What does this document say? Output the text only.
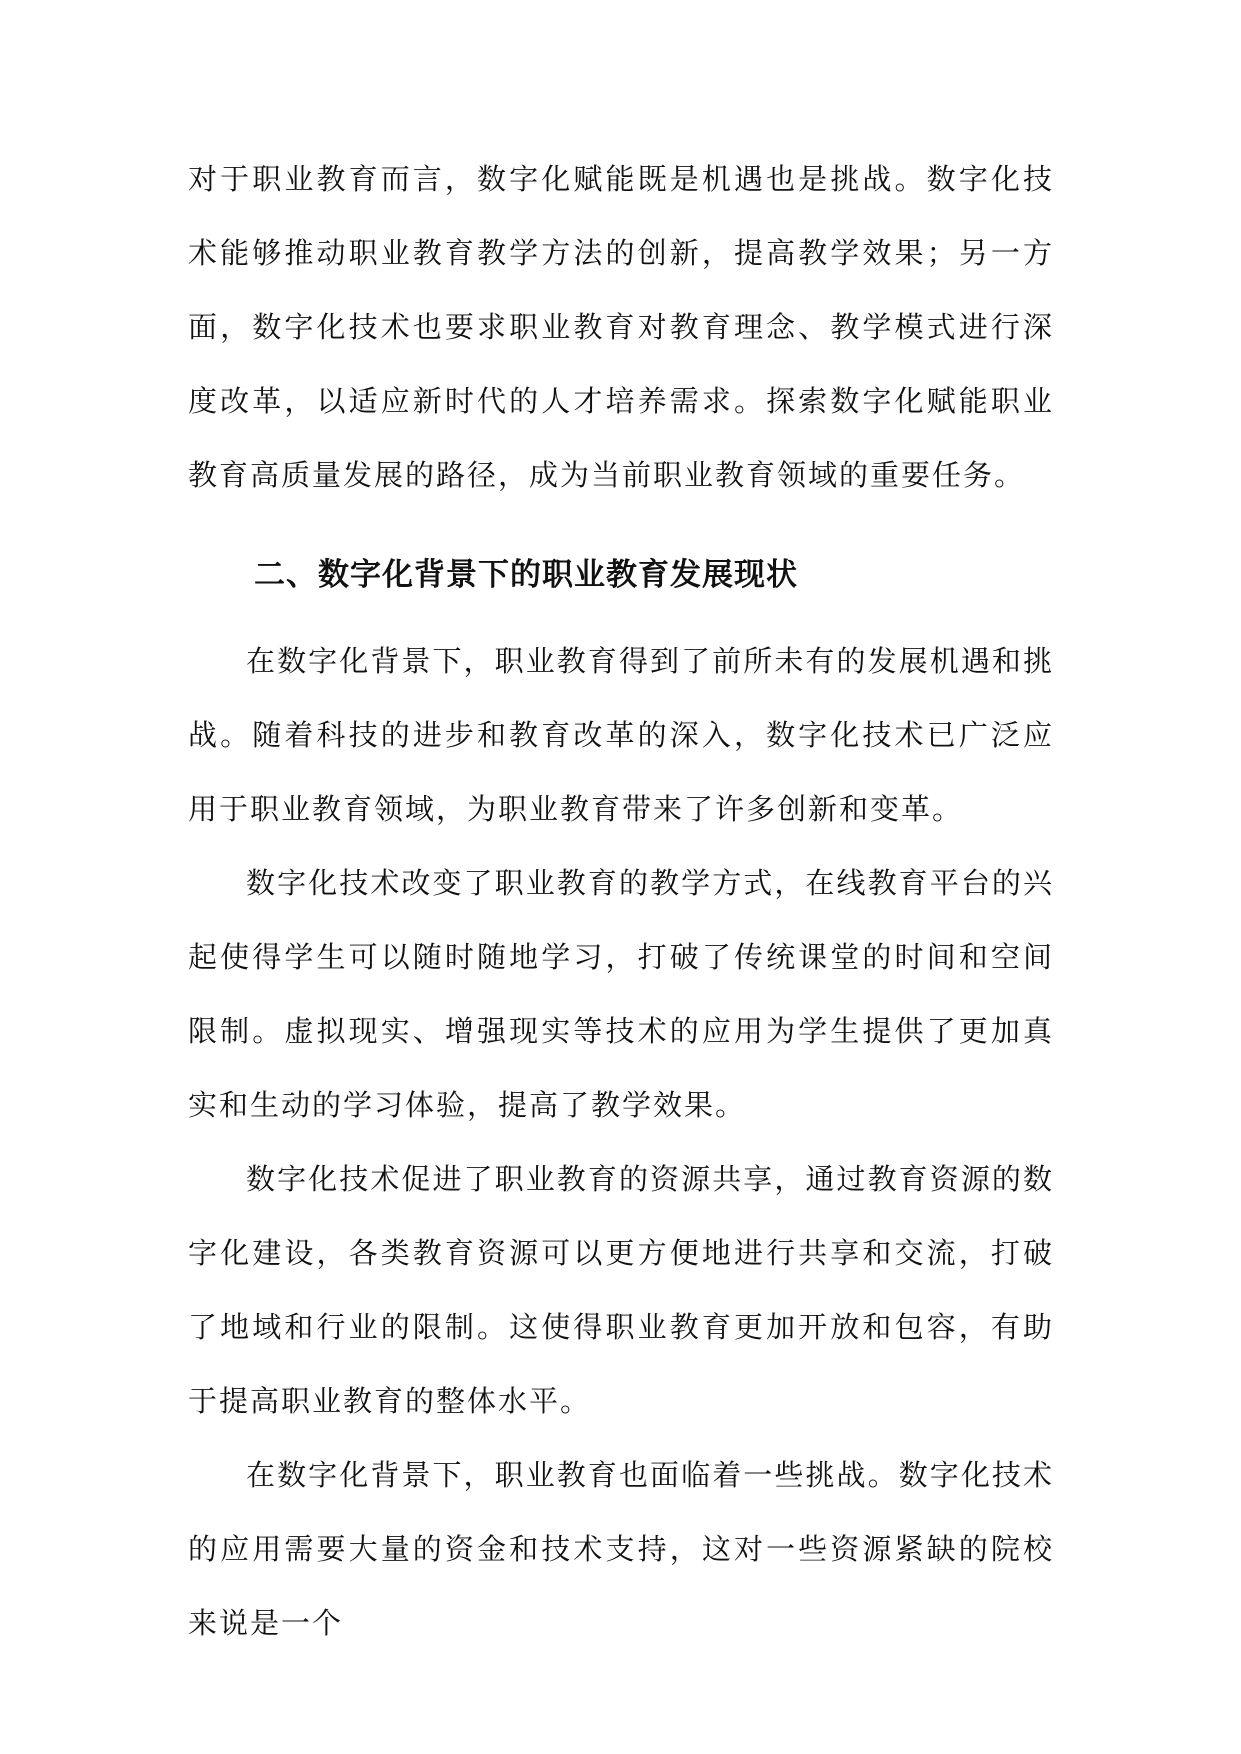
对于职业教育而言，数字化赋能既是机遇也是挑战。数字化技术能够推动职业教育教学方法的创新，提高教学效果；另一方面，数字化技术也要求职业教育对教育理念、教学模式进行深度改革，以适应新时代的人才培养需求。探索数字化赋能职业教育高质量发展的路径，成为当前职业教育领域的重要任务。

二、数字化背景下的职业教育发展现状

在数字化背景下，职业教育得到了前所未有的发展机遇和挑战。随着科技的进步和教育改革的深入，数字化技术已广泛应用于职业教育领域，为职业教育带来了许多创新和变革。

数字化技术改变了职业教育的教学方式，在线教育平台的兴起使得学生可以随时随地学习，打破了传统课堂的时间和空间限制。虚拟现实、增强现实等技术的应用为学生提供了更加真实和生动的学习体验，提高了教学效果。

数字化技术促进了职业教育的资源共享，通过教育资源的数字化建设，各类教育资源可以更方便地进行共享和交流，打破了地域和行业的限制。这使得职业教育更加开放和包容，有助于提高职业教育的整体水平。

在数字化背景下，职业教育也面临着一些挑战。数字化技术的应用需要大量的资金和技术支持，这对一些资源紧缺的院校来说是一个
